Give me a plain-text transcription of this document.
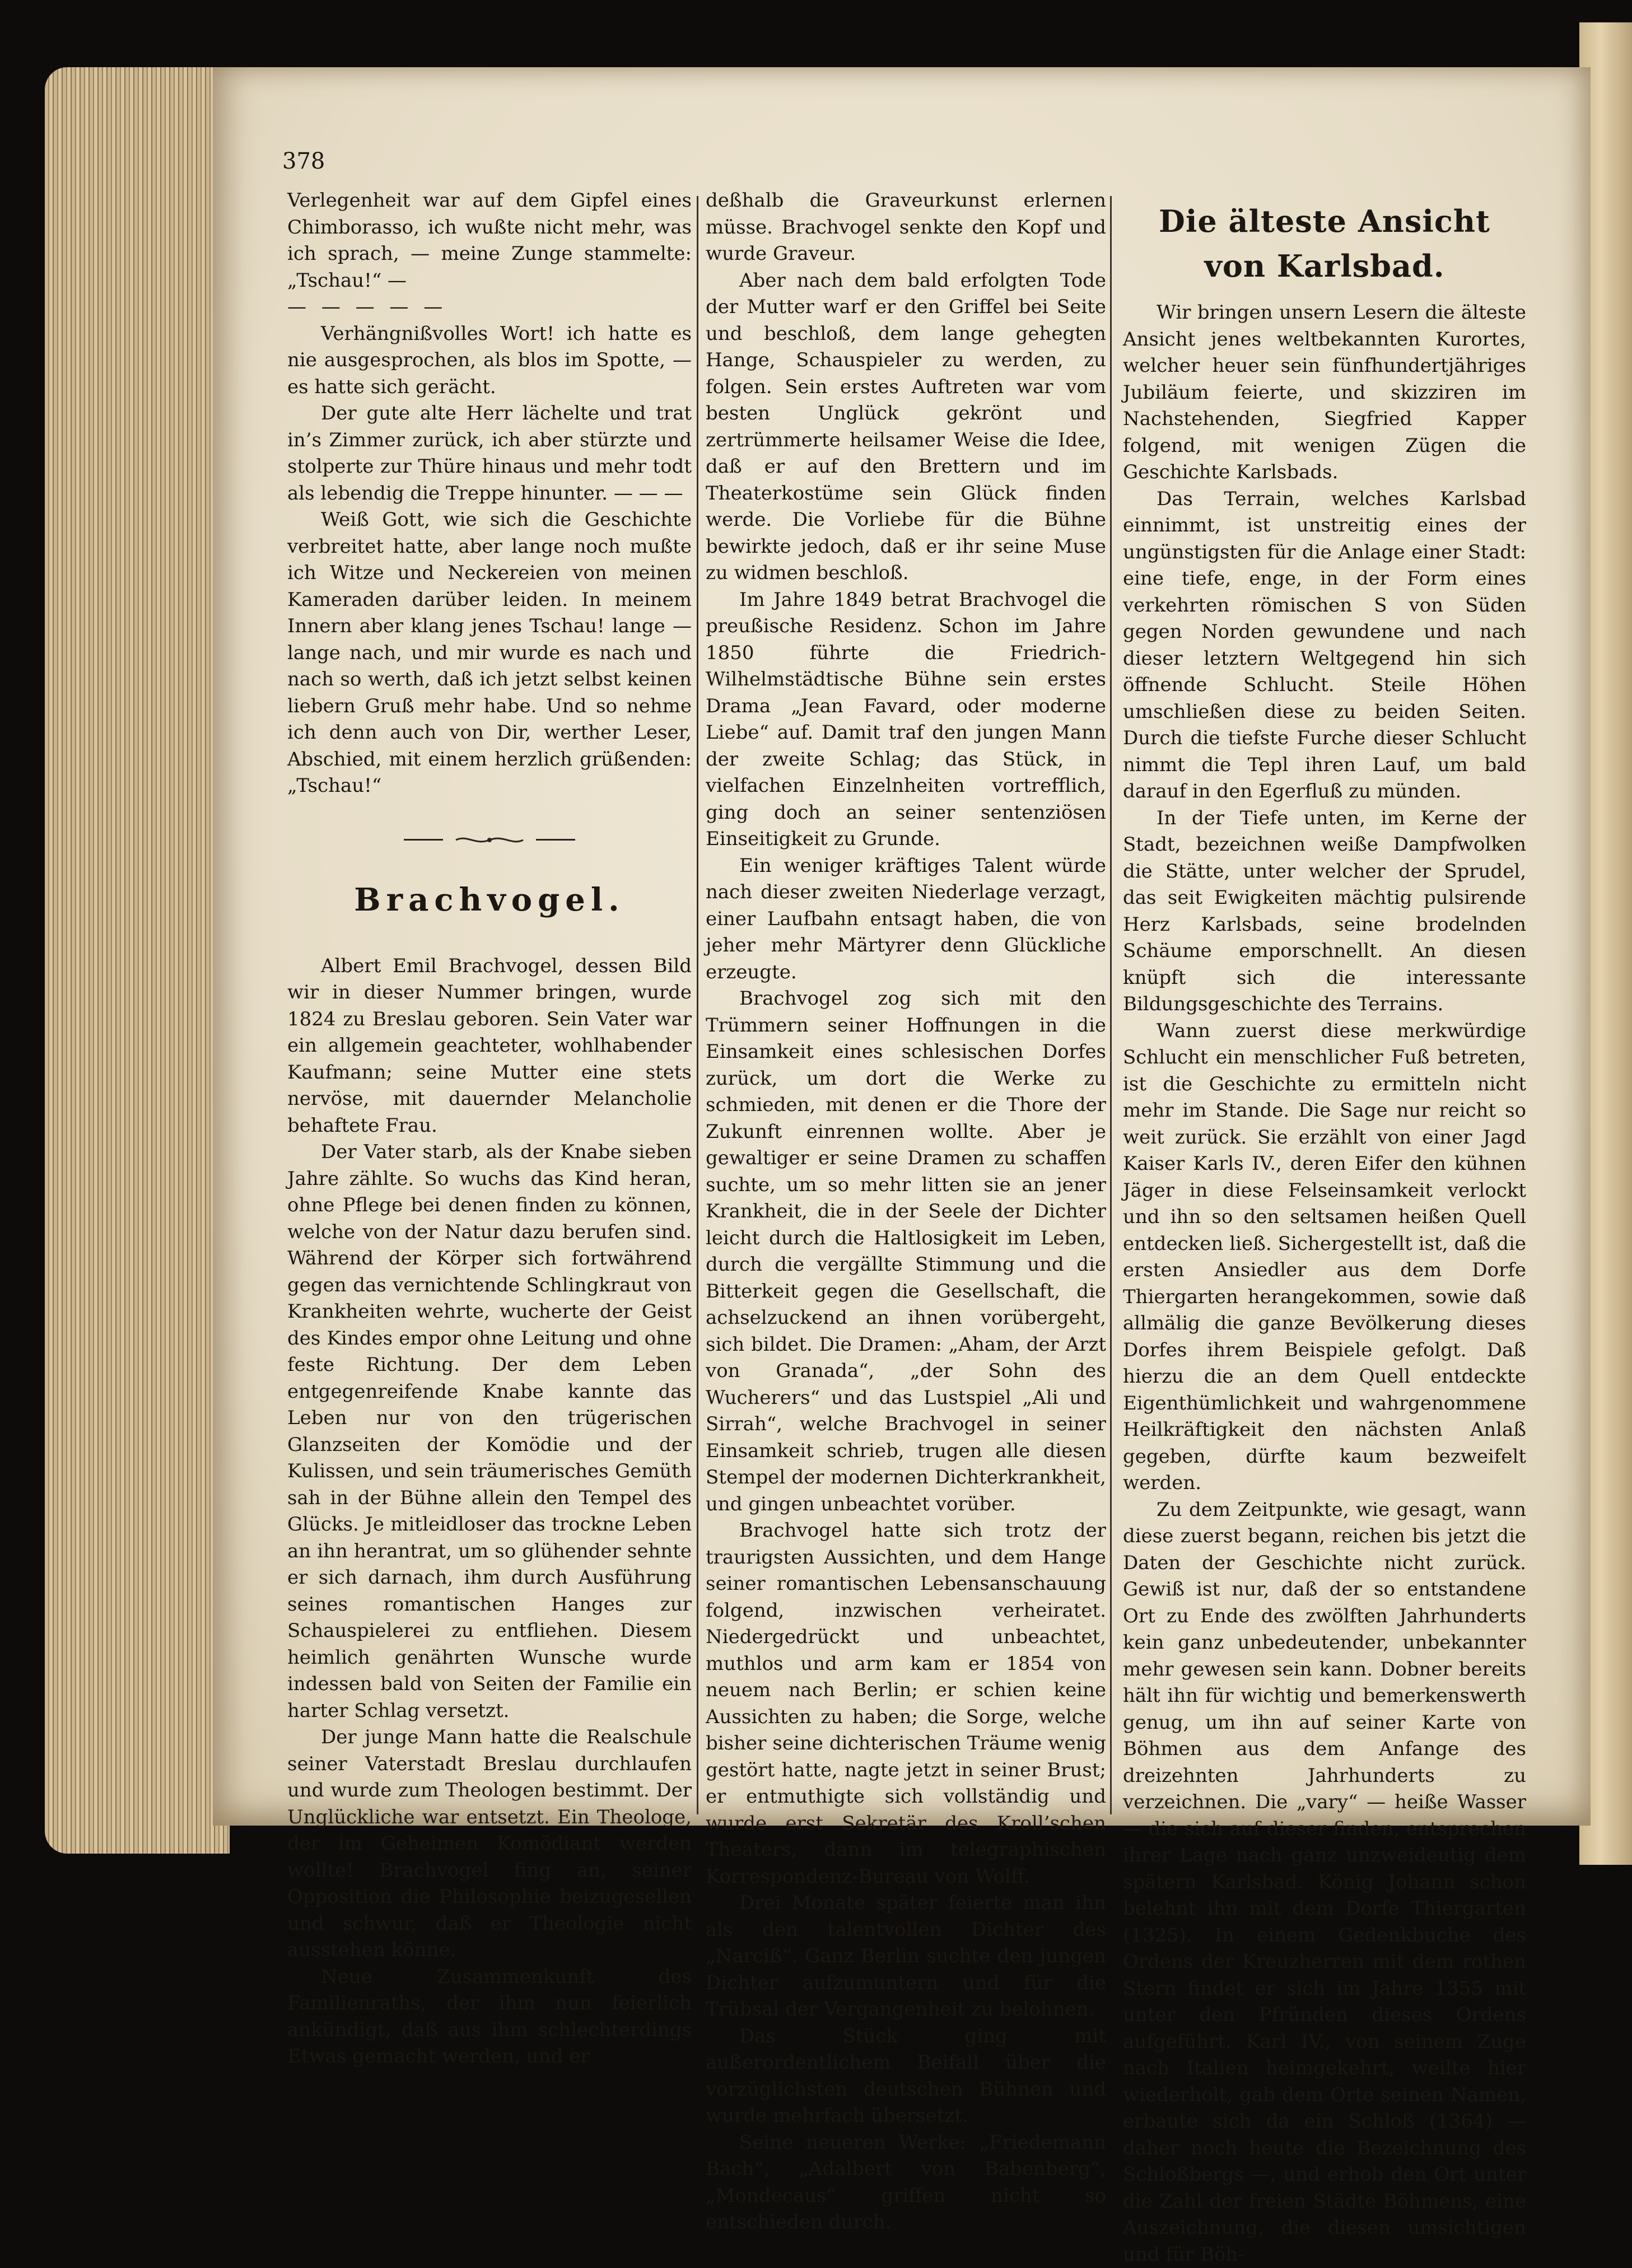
378

Verlegenheit war auf dem Gipfel eines Chimborasso, ich wußte nicht mehr, was ich sprach, — meine Zunge stammelte: „Tschau!“ —

— — — — —

Verhängnißvolles Wort! ich hatte es nie ausgesprochen, als blos im Spotte, — es hatte sich gerächt.

Der gute alte Herr lächelte und trat in’s Zimmer zurück, ich aber stürzte und stolperte zur Thüre hinaus und mehr todt als lebendig die Treppe hinunter. — — —

Weiß Gott, wie sich die Geschichte verbreitet hatte, aber lange noch mußte ich Witze und Neckereien von meinen Kameraden darüber leiden. In meinem Innern aber klang jenes Tschau! lange — lange nach, und mir wurde es nach und nach so werth, daß ich jetzt selbst keinen liebern Gruß mehr habe. Und so nehme ich denn auch von Dir, werther Leser, Abschied, mit einem herzlich grüßenden: „Tschau!“

Brachvogel.

Albert Emil Brachvogel, dessen Bild wir in dieser Nummer bringen, wurde 1824 zu Breslau geboren. Sein Vater war ein allgemein geachteter, wohlhabender Kaufmann; seine Mutter eine stets nervöse, mit dauernder Melancholie behaftete Frau.

Der Vater starb, als der Knabe sieben Jahre zählte. So wuchs das Kind heran, ohne Pflege bei denen finden zu können, welche von der Natur dazu berufen sind. Während der Körper sich fortwährend gegen das vernichtende Schlingkraut von Krankheiten wehrte, wucherte der Geist des Kindes empor ohne Leitung und ohne feste Richtung. Der dem Leben entgegenreifende Knabe kannte das Leben nur von den trügerischen Glanzseiten der Komödie und der Kulissen, und sein träumerisches Gemüth sah in der Bühne allein den Tempel des Glücks. Je mitleidloser das trockne Leben an ihn herantrat, um so glühender sehnte er sich darnach, ihm durch Ausführung seines romantischen Hanges zur Schauspielerei zu entfliehen. Diesem heimlich genährten Wunsche wurde indessen bald von Seiten der Familie ein harter Schlag versetzt.

Der junge Mann hatte die Realschule seiner Vaterstadt Breslau durchlaufen und wurde zum Theologen bestimmt. Der Unglückliche war entsetzt. Ein Theologe, der im Geheimen Komödiant werden wollte! Brachvogel fing an, seiner Opposition die Philosophie beizugesellen und schwur, daß er Theologie nicht ausstehen könne.

Neue Zusammenkunft des Familienraths, der ihm nun feierlich ankündigt, daß aus ihm schlechterdings Etwas gemacht werden, und er

deßhalb die Graveurkunst erlernen müsse. Brachvogel senkte den Kopf und wurde Graveur.

Aber nach dem bald erfolgten Tode der Mutter warf er den Griffel bei Seite und beschloß, dem lange gehegten Hange, Schauspieler zu werden, zu folgen. Sein erstes Auftreten war vom besten Unglück gekrönt und zertrümmerte heilsamer Weise die Idee, daß er auf den Brettern und im Theaterkostüme sein Glück finden werde. Die Vorliebe für die Bühne bewirkte jedoch, daß er ihr seine Muse zu widmen beschloß.

Im Jahre 1849 betrat Brachvogel die preußische Residenz. Schon im Jahre 1850 führte die Friedrich-Wilhelmstädtische Bühne sein erstes Drama „Jean Favard, oder moderne Liebe“ auf. Damit traf den jungen Mann der zweite Schlag; das Stück, in vielfachen Einzelnheiten vortrefflich, ging doch an seiner sentenziösen Einseitigkeit zu Grunde.

Ein weniger kräftiges Talent würde nach dieser zweiten Niederlage verzagt, einer Laufbahn entsagt haben, die von jeher mehr Märtyrer denn Glückliche erzeugte.

Brachvogel zog sich mit den Trümmern seiner Hoffnungen in die Einsamkeit eines schlesischen Dorfes zurück, um dort die Werke zu schmieden, mit denen er die Thore der Zukunft einrennen wollte. Aber je gewaltiger er seine Dramen zu schaffen suchte, um so mehr litten sie an jener Krankheit, die in der Seele der Dichter leicht durch die Haltlosigkeit im Leben, durch die vergällte Stimmung und die Bitterkeit gegen die Gesellschaft, die achselzuckend an ihnen vorübergeht, sich bildet. Die Dramen: „Aham, der Arzt von Granada“, „der Sohn des Wucherers“ und das Lustspiel „Ali und Sirrah“, welche Brachvogel in seiner Einsamkeit schrieb, trugen alle diesen Stempel der modernen Dichterkrankheit, und gingen unbeachtet vorüber.

Brachvogel hatte sich trotz der traurigsten Aussichten, und dem Hange seiner romantischen Lebensanschauung folgend, inzwischen verheiratet. Niedergedrückt und unbeachtet, muthlos und arm kam er 1854 von neuem nach Berlin; er schien keine Aussichten zu haben; die Sorge, welche bisher seine dichterischen Träume wenig gestört hatte, nagte jetzt in seiner Brust; er entmuthigte sich vollständig und wurde erst Sekretär des Kroll’schen Theaters, dann im telegraphischen Korrespondenz-Bureau von Wolff.

Drei Monate später feierte man ihn als den talentvollen Dichter des „Narciß“. Ganz Berlin suchte den jungen Dichter aufzumuntern und für die Trübsal der Vergangenheit zu belohnen.

Das Stück ging mit außerordentlichem Beifall über die vorzüglichsten deutschen Bühnen und wurde mehrfach übersetzt.

Seine neueren Werke: „Friedemann Bach“, „Adalbert von Babenberg“, „Mondecaus“ griffen nicht so entschieden durch.

Die älteste Ansicht von Karlsbad.

Wir bringen unsern Lesern die älteste Ansicht jenes weltbekannten Kurortes, welcher heuer sein fünfhundertjähriges Jubiläum feierte, und skizziren im Nachstehenden, Siegfried Kapper folgend, mit wenigen Zügen die Geschichte Karlsbads.

Das Terrain, welches Karlsbad einnimmt, ist unstreitig eines der ungünstigsten für die Anlage einer Stadt: eine tiefe, enge, in der Form eines verkehrten römischen S von Süden gegen Norden gewundene und nach dieser letztern Weltgegend hin sich öffnende Schlucht. Steile Höhen umschließen diese zu beiden Seiten. Durch die tiefste Furche dieser Schlucht nimmt die Tepl ihren Lauf, um bald darauf in den Egerfluß zu münden.

In der Tiefe unten, im Kerne der Stadt, bezeichnen weiße Dampfwolken die Stätte, unter welcher der Sprudel, das seit Ewigkeiten mächtig pulsirende Herz Karlsbads, seine brodelnden Schäume emporschnellt. An diesen knüpft sich die interessante Bildungsgeschichte des Terrains.

Wann zuerst diese merkwürdige Schlucht ein menschlicher Fuß betreten, ist die Geschichte zu ermitteln nicht mehr im Stande. Die Sage nur reicht so weit zurück. Sie erzählt von einer Jagd Kaiser Karls IV., deren Eifer den kühnen Jäger in diese Felseinsamkeit verlockt und ihn so den seltsamen heißen Quell entdecken ließ. Sichergestellt ist, daß die ersten Ansiedler aus dem Dorfe Thiergarten herangekommen, sowie daß allmälig die ganze Bevölkerung dieses Dorfes ihrem Beispiele gefolgt. Daß hierzu die an dem Quell entdeckte Eigenthümlichkeit und wahrgenommene Heilkräftigkeit den nächsten Anlaß gegeben, dürfte kaum bezweifelt werden.

Zu dem Zeitpunkte, wie gesagt, wann diese zuerst begann, reichen bis jetzt die Daten der Geschichte nicht zurück. Gewiß ist nur, daß der so entstandene Ort zu Ende des zwölften Jahrhunderts kein ganz unbedeutender, unbekannter mehr gewesen sein kann. Dobner bereits hält ihn für wichtig und bemerkenswerth genug, um ihn auf seiner Karte von Böhmen aus dem Anfange des dreizehnten Jahrhunderts zu verzeichnen. Die „vary“ — heiße Wasser — die sich auf dieser finden, entsprechen ihrer Lage nach ganz unzweideutig dem spätern Karlsbad. König Johann schon belehnt ihn mit dem Dorfe Thiergarten (1325). In einem Gedenkbuche des Ordens der Kreuzherren mit dem rothen Stern findet er sich im Jahre 1355 mit unter den Pfründen dieses Ordens aufgeführt. Karl IV., von seinem Zuge nach Italien heimgekehrt, weilte hier wiederholt, gab dem Orte seinen Namen, erbaute sich da ein Schloß (1364) — daher noch heute die Bezeichnung des Schloßbergs —, und erhob den Ort unter die Zahl der freien Städte Böhmens, eine Auszeichnung, die diesen umsichtigen und für Böh-
